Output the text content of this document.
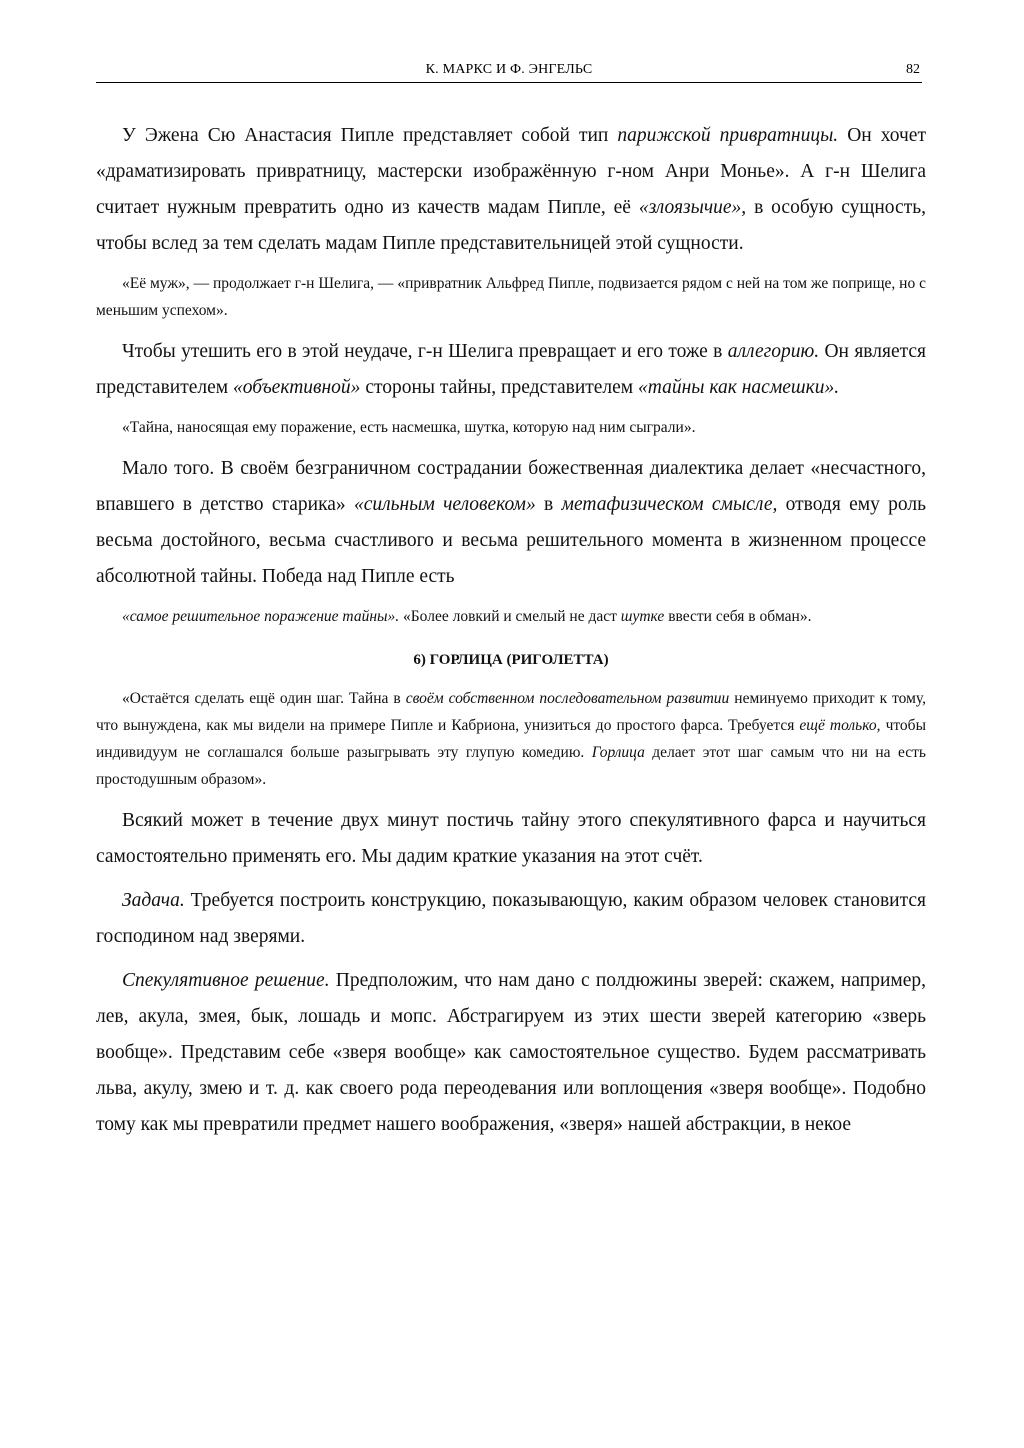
К. МАРКС И Ф. ЭНГЕЛЬС	82

У Эжена Сю Анастасия Пипле представляет собой тип парижской привратницы. Он хочет «драматизировать привратницу, мастерски изображённую г-ном Анри Монье». А г-н Шелига считает нужным превратить одно из качеств мадам Пипле, её «злоязычие», в особую сущность, чтобы вслед за тем сделать мадам Пипле представительницей этой сущности.

«Её муж», — продолжает г-н Шелига, — «привратник Альфред Пипле, подвизается рядом с ней на том же поприще, но с меньшим успехом».

Чтобы утешить его в этой неудаче, г-н Шелига превращает и его тоже в аллегорию. Он является представителем «объективной» стороны тайны, представителем «тайны как насмешки».

«Тайна, наносящая ему поражение, есть насмешка, шутка, которую над ним сыграли».

Мало того. В своём безграничном сострадании божественная диалектика делает «несчастного, впавшего в детство старика» «сильным человеком» в метафизическом смысле, отводя ему роль весьма достойного, весьма счастливого и весьма решительного момента в жизненном процессе абсолютной тайны. Победа над Пипле есть

«самое решительное поражение тайны». «Более ловкий и смелый не даст шутке ввести себя в обман».

6) ГОРЛИЦА (РИГОЛЕТТА)

«Остаётся сделать ещё один шаг. Тайна в своём собственном последовательном развитии неминуемо приходит к тому, что вынуждена, как мы видели на примере Пипле и Кабриона, унизиться до простого фарса. Требуется ещё только, чтобы индивидуум не соглашался больше разыгрывать эту глупую комедию. Горлица делает этот шаг самым что ни на есть простодушным образом».

Всякий может в течение двух минут постичь тайну этого спекулятивного фарса и научиться самостоятельно применять его. Мы дадим краткие указания на этот счёт.

Задача. Требуется построить конструкцию, показывающую, каким образом человек становится господином над зверями.

Спекулятивное решение. Предположим, что нам дано с полдюжины зверей: скажем, например, лев, акула, змея, бык, лошадь и мопс. Абстрагируем из этих шести зверей категорию «зверь вообще». Представим себе «зверя вообще» как самостоятельное существо. Будем рассматривать льва, акулу, змею и т. д. как своего рода переодевания или воплощения «зверя вообще». Подобно тому как мы превратили предмет нашего воображения, «зверя» нашей абстракции, в некое
